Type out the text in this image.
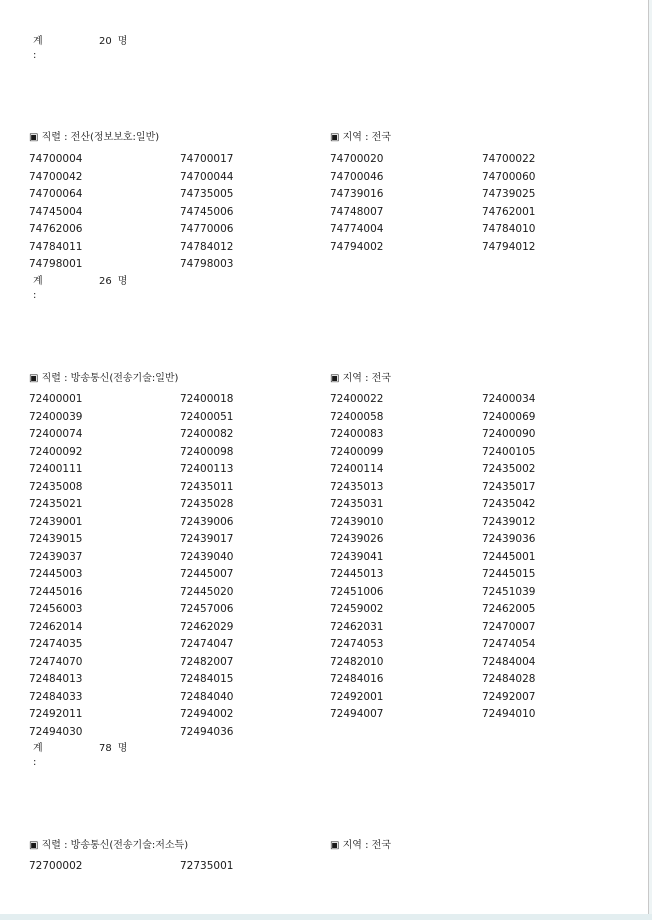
계 :
20 명
▣ 직렬 : 전산(정보보호:일반)	▣ 지역 : 전국
74700004	74700017	74700020	74700022
74700042	74700044	74700046	74700060
74700064	74735005	74739016	74739025
74745004	74745006	74748007	74762001
74762006	74770006	74774004	74784010
74784011	74784012	74794002	74794012
74798001	74798003
계 :
26 명
▣ 직렬 : 방송통신(전송기술:일반)	▣ 지역 : 전국
72400001	72400018	72400022	72400034
72400039	72400051	72400058	72400069
72400074	72400082	72400083	72400090
72400092	72400098	72400099	72400105
72400111	72400113	72400114	72435002
72435008	72435011	72435013	72435017
72435021	72435028	72435031	72435042
72439001	72439006	72439010	72439012
72439015	72439017	72439026	72439036
72439037	72439040	72439041	72445001
72445003	72445007	72445013	72445015
72445016	72445020	72451006	72451039
72456003	72457006	72459002	72462005
72462014	72462029	72462031	72470007
72474035	72474047	72474053	72474054
72474070	72482007	72482010	72484004
72484013	72484015	72484016	72484028
72484033	72484040	72492001	72492007
72492011	72494002	72494007	72494010
72494030	72494036
계 :
78 명
▣ 직렬 : 방송통신(전송기술:저소득)	▣ 지역 : 전국
72700002	72735001
